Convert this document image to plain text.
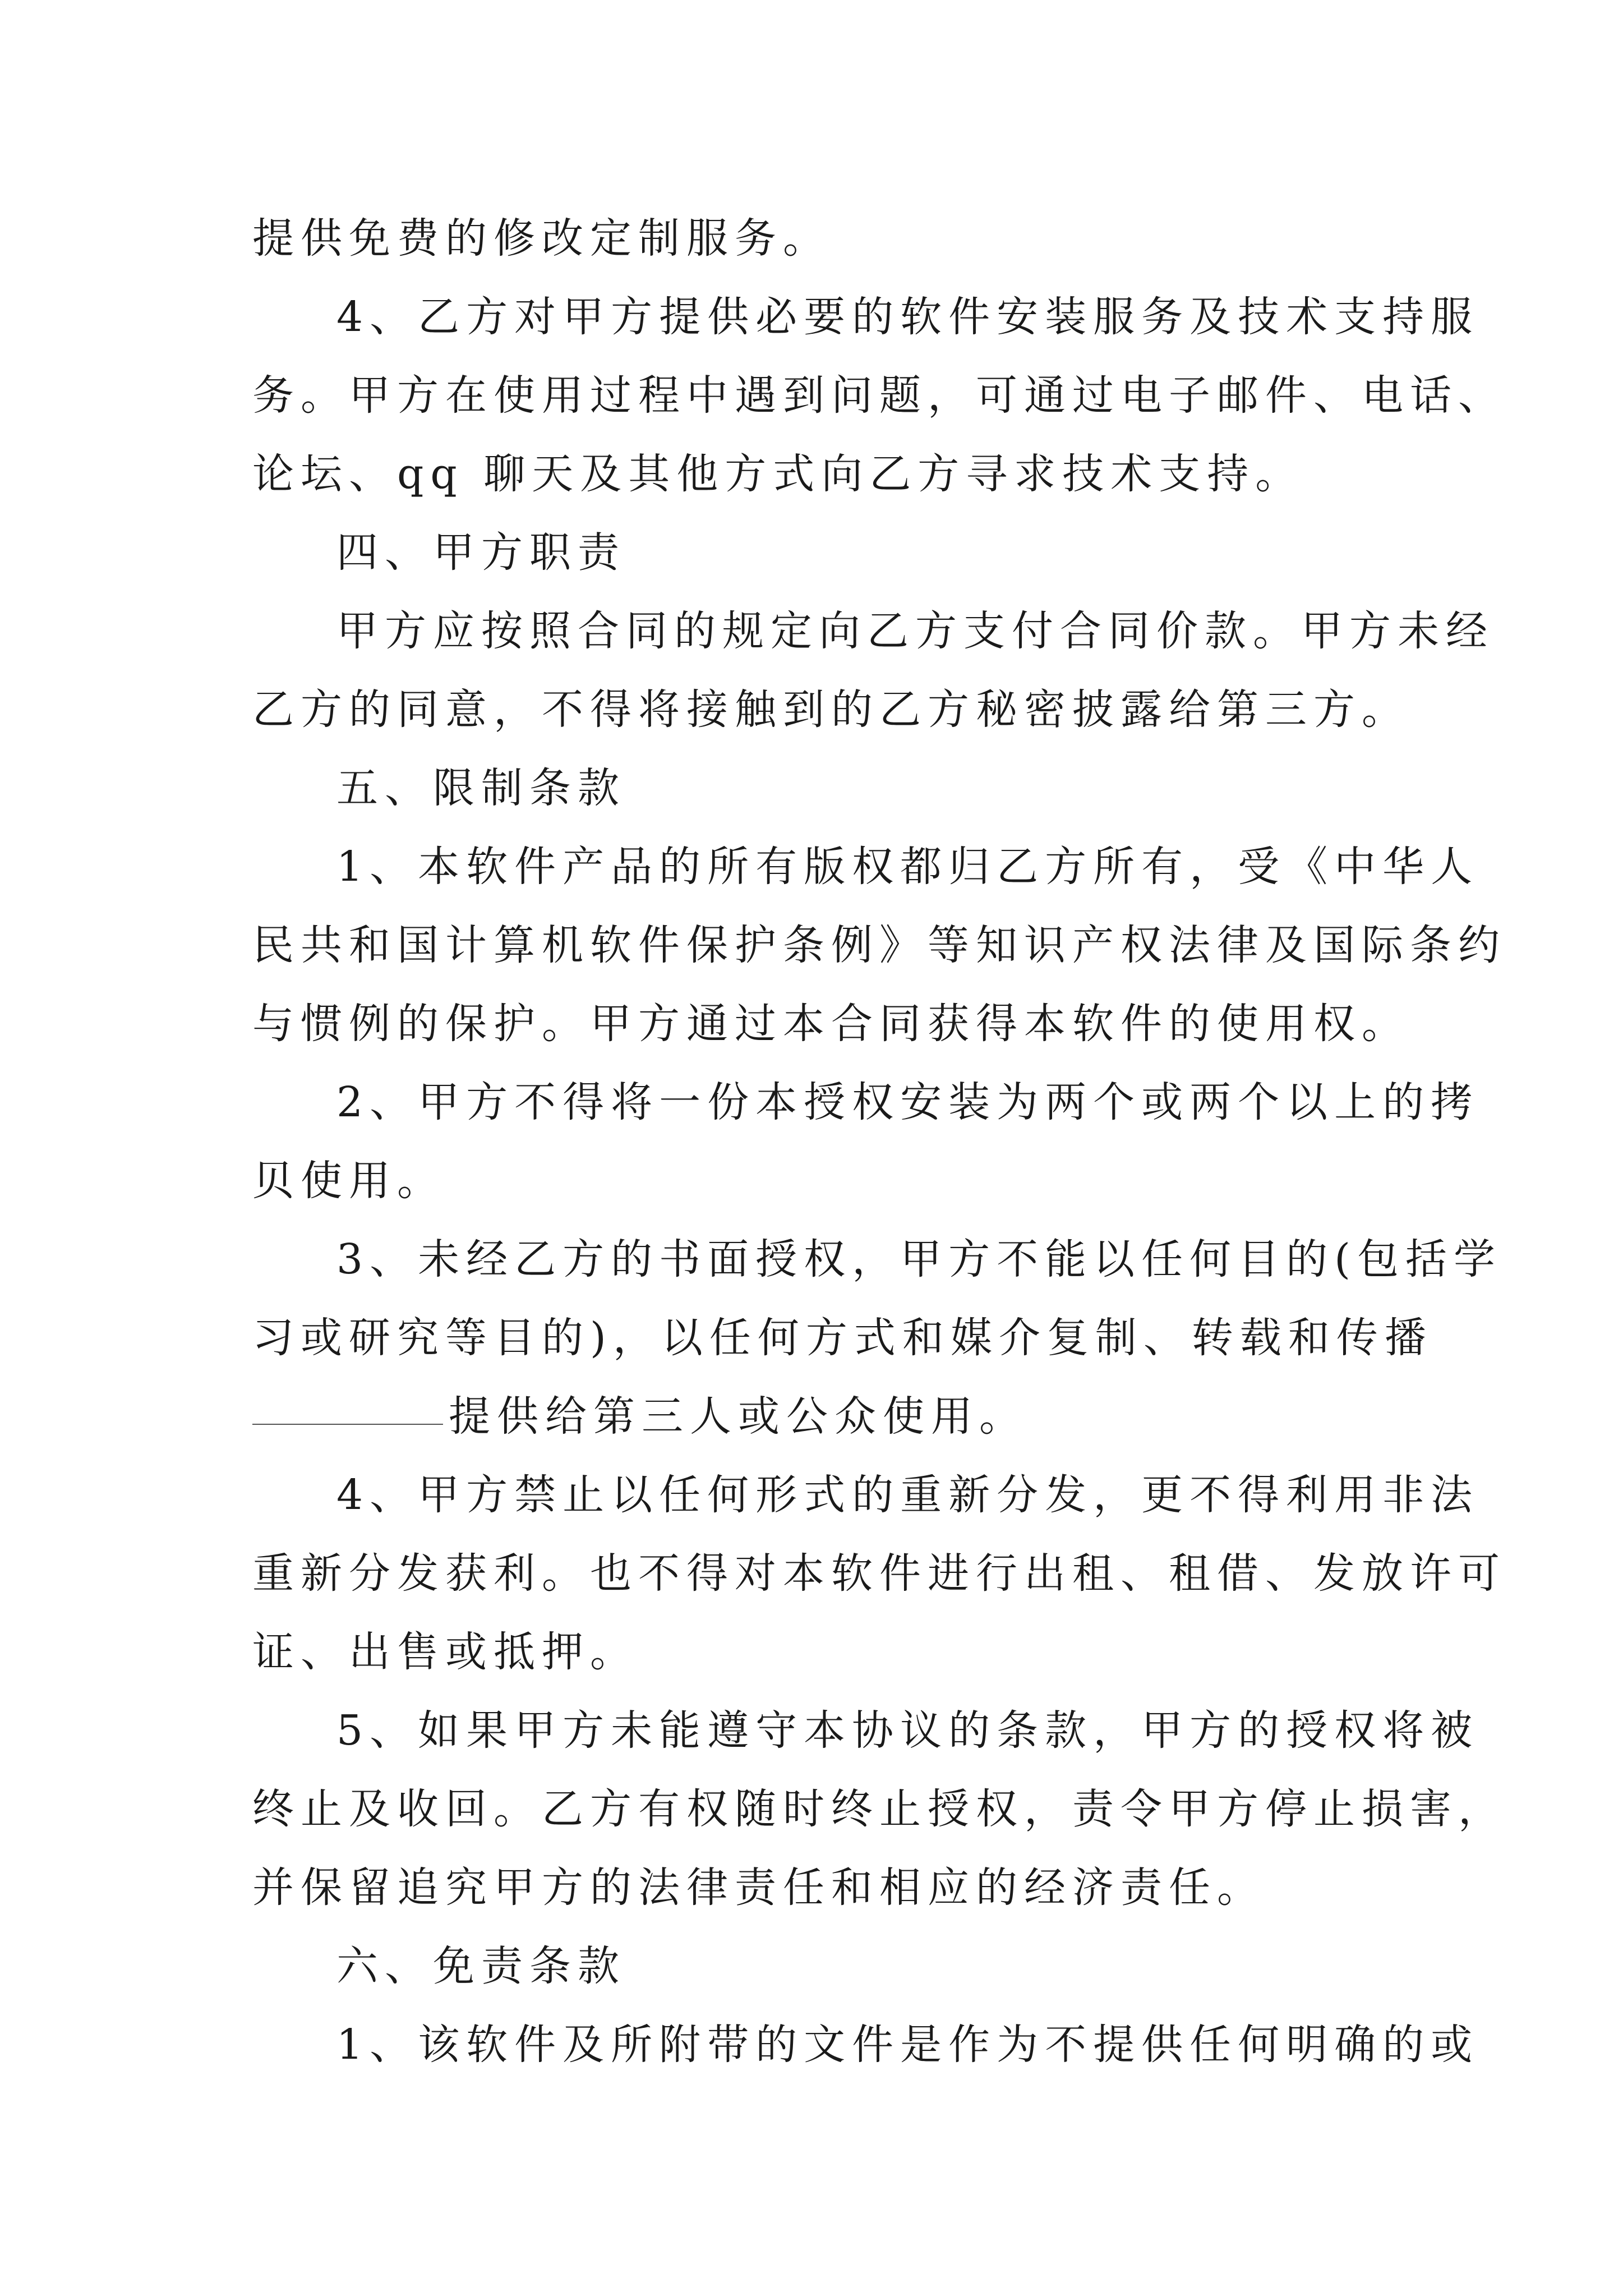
提供免费的修改定制服务。
4、乙方对甲方提供必要的软件安装服务及技术支持服
务。甲方在使用过程中遇到问题，可通过电子邮件、电话、
论坛、qq 聊天及其他方式向乙方寻求技术支持。
四、甲方职责
甲方应按照合同的规定向乙方支付合同价款。甲方未经
乙方的同意，不得将接触到的乙方秘密披露给第三方。
五、限制条款
1、本软件产品的所有版权都归乙方所有，受《中华人
民共和国计算机软件保护条例》等知识产权法律及国际条约
与惯例的保护。甲方通过本合同获得本软件的使用权。
2、甲方不得将一份本授权安装为两个或两个以上的拷
贝使用。
3、未经乙方的书面授权，甲方不能以任何目的(包括学
习或研究等目的)，以任何方式和媒介复制、转载和传播
提供给第三人或公众使用。
4、甲方禁止以任何形式的重新分发，更不得利用非法
重新分发获利。也不得对本软件进行出租、租借、发放许可
证、出售或抵押。
5、如果甲方未能遵守本协议的条款，甲方的授权将被
终止及收回。乙方有权随时终止授权，责令甲方停止损害，
并保留追究甲方的法律责任和相应的经济责任。
六、免责条款
1、该软件及所附带的文件是作为不提供任何明确的或
